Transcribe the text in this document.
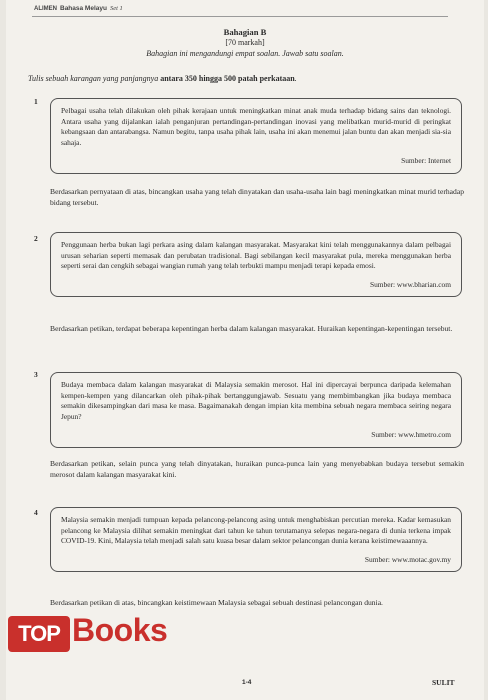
ALIMEN Bahasa Melayu Set 1
Bahagian B
[70 markah]
Bahagian ini mengandungi empat soalan. Jawab satu soalan.
Tulis sebuah karangan yang panjangnya antara 350 hingga 500 patah perkataan.
1

Pelbagai usaha telah dilakukan oleh pihak kerajaan untuk meningkatkan minat anak muda terhadap bidang sains dan teknologi. Antara usaha yang dijalankan ialah penganjuran pertandingan-pertandingan inovasi yang melibatkan murid-murid di peringkat kebangsaan dan antarabangsa. Namun begitu, tanpa usaha pihak lain, usaha ini akan menemui jalan buntu dan akan menjadi sia-sia sahaja.

Sumber: Internet
Berdasarkan pernyataan di atas, bincangkan usaha yang telah dinyatakan dan usaha-usaha lain bagi meningkatkan minat murid terhadap bidang tersebut.
2

Penggunaan herba bukan lagi perkara asing dalam kalangan masyarakat. Masyarakat kini telah menggunakannya dalam pelbagai urusan seharian seperti memasak dan perubatan tradisional. Bagi sebilangan kecil masyarakat pula, mereka menggunakan herba seperti serai dan cengkih sebagai wangian rumah yang telah terbukti mampu menjadi terapi kepada emosi.

Sumber: www.bharian.com
Berdasarkan petikan, terdapat beberapa kepentingan herba dalam kalangan masyarakat. Huraikan kepentingan-kepentingan tersebut.
3

Budaya membaca dalam kalangan masyarakat di Malaysia semakin merosot. Hal ini dipercayai berpunca daripada kelemahan kempen-kempen yang dilancarkan oleh pihak-pihak bertanggungjawab. Sesuatu yang membimbangkan jika budaya membaca semakin dikesampingkan dari masa ke masa. Bagaimanakah dengan impian kita membina sebuah negara membaca seiring negara Jepun?

Sumber: www.hmetro.com
Berdasarkan petikan, selain punca yang telah dinyatakan, huraikan punca-punca lain yang menyebabkan budaya tersebut semakin merosot dalam kalangan masyarakat kini.
4

Malaysia semakin menjadi tumpuan kepada pelancong-pelancong asing untuk menghabiskan percutian mereka. Kadar kemasukan pelancong ke Malaysia dilihat semakin meningkat dari tahun ke tahun terutamanya selepas negara-negara di dunia terkena impak COVID-19. Kini, Malaysia telah menjadi salah satu kuasa besar dalam sektor pelancongan dunia kerana keistimewaaannya.

Sumber: www.motac.gov.my
Berdasarkan petikan di atas, bincangkan keistimewaan Malaysia sebagai sebuah destinasi pelancongan dunia.
1-4	SULIT
TOP Books
